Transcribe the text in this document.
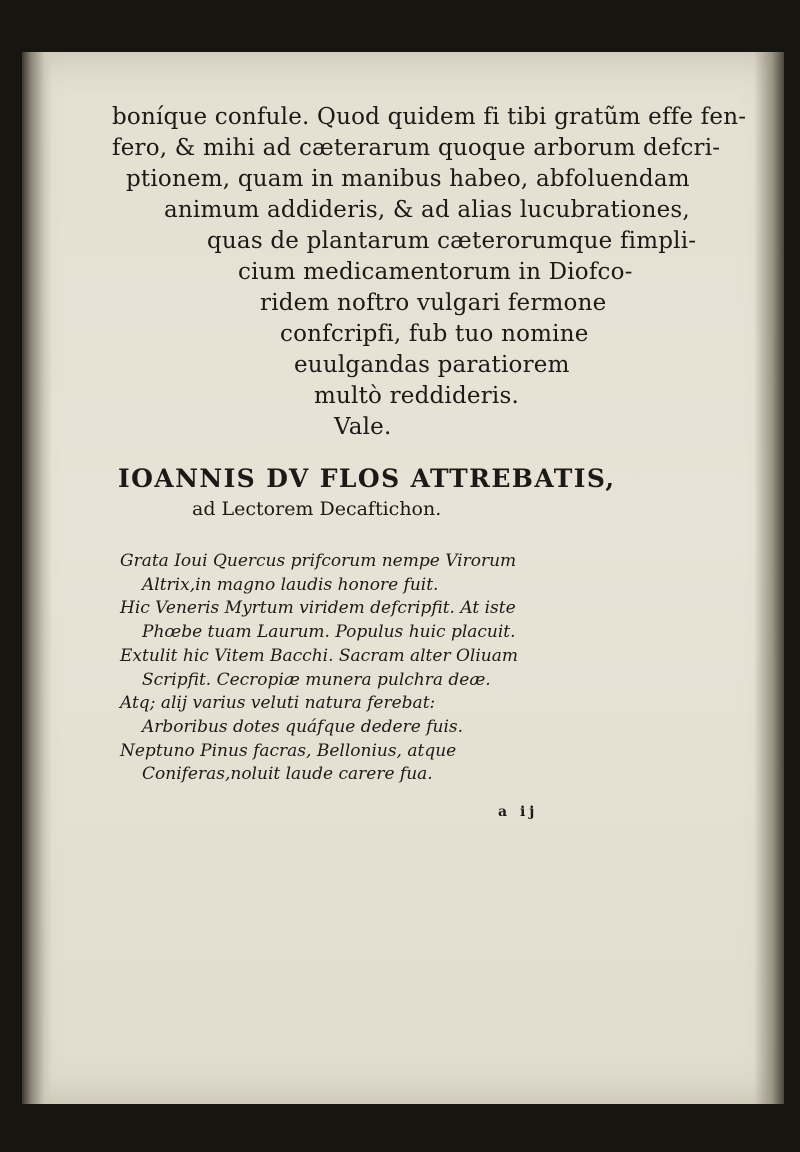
boníque confule. Quod quidem fi tibi gratũm effe fen-

fero, & mihi ad cæterarum quoque arborum defcri-

ptionem, quam in manibus habeo, abfoluendam

animum addideris, & ad alias lucubrationes,

quas de plantarum cæterorumque fimpli-

cium medicamentorum in Diofco-

ridem noftro vulgari fermone

confcripfi, fub tuo nomine

euulgandas paratiorem

multò reddideris.

Vale.

IOANNIS DV FLOS ATTREBATIS,
ad Lectorem Decaftichon.

Grata Ioui Quercus prifcorum nempe Virorum

Altrix,in magno laudis honore fuit.

Hic Veneris Myrtum viridem defcripfit. At iste

Phœbe tuam Laurum. Populus huic placuit.

Extulit hic Vitem Bacchi. Sacram alter Oliuam

Scripfit. Cecropiæ munera pulchra deæ.

Atq; alij varius veluti natura ferebat:

Arboribus dotes quáfque dedere fuis.

Neptuno Pinus facras, Bellonius, atque

Coniferas,noluit laude carere fua.

a ij
